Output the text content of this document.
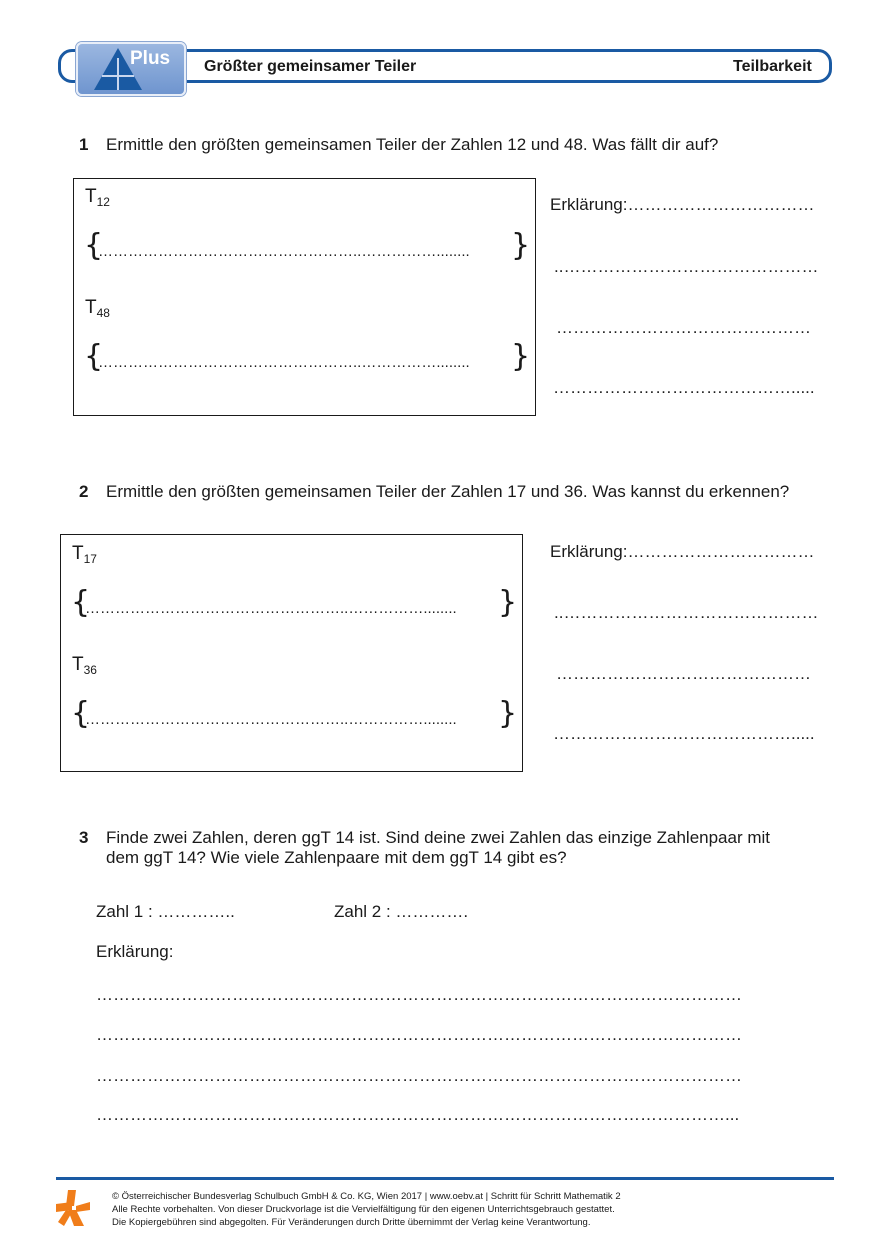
Plus Größter gemeinsamer Teiler	Teilbarkeit
1 Ermittle den größten gemeinsamen Teiler der Zahlen 12 und 48. Was fällt dir auf?
$T_{12}$
{
……………………………………………..……………........ }
$T_{48}$
{
……………………………………………..……………........ }
Erklärung:……………………………
..………………………………………
………………………………………
…………………………………….....
2 Ermittle den größten gemeinsamen Teiler der Zahlen 17 und 36. Was kannst du erkennen?
$T_{17}$
{
……………………………………………..……………........ }
$T_{36}$
{
……………………………………………..……………........ }
Erklärung:……………………………
..………………………………………
………………………………………
…………………………………….....
3 Finde zwei Zahlen, deren ggT 14 ist. Sind deine zwei Zahlen das einzige Zahlenpaar mit
dem ggT 14? Wie viele Zahlenpaare mit dem ggT 14 gibt es?
Zahl 1 : …………..	Zahl 2 : ………….
Erklärung:
……………………………………………………………………………………………………
……………………………………………………………………………………………………
……………………………………………………………………………………………………
…………………………………………………………………………………………………...
© Österreichischer Bundesverlag Schulbuch GmbH & Co. KG, Wien 2017 | www.oebv.at | Schritt für Schritt Mathematik 2
Alle Rechte vorbehalten. Von dieser Druckvorlage ist die Vervielfältigung für den eigenen Unterrichtsgebrauch gestattet.
Die Kopiergebühren sind abgegolten. Für Veränderungen durch Dritte übernimmt der Verlag keine Verantwortung.
